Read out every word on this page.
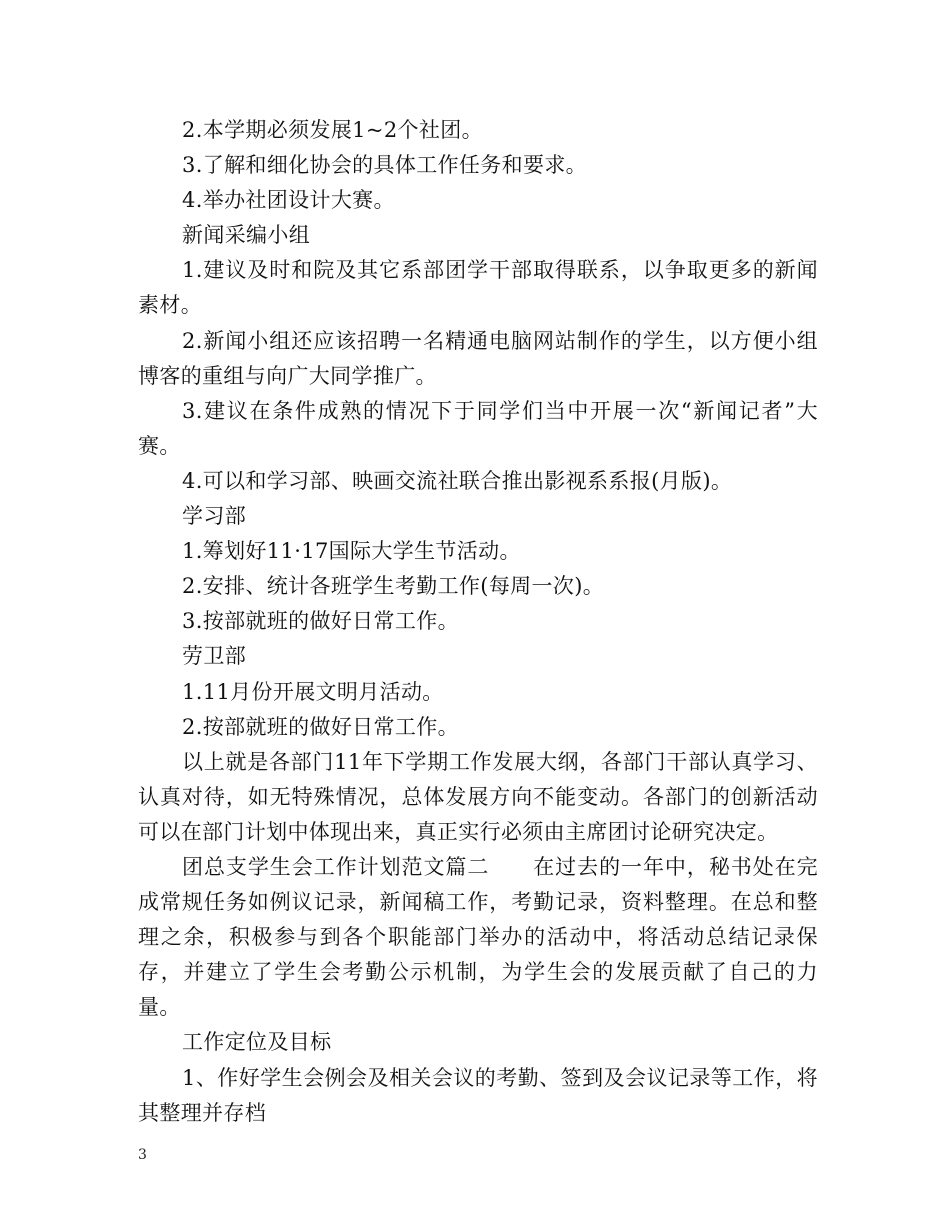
2.本学期必须发展1~2个社团。

3.了解和细化协会的具体工作任务和要求。

4.举办社团设计大赛。

新闻采编小组

1.建议及时和院及其它系部团学干部取得联系，以争取更多的新闻素材。

2.新闻小组还应该招聘一名精通电脑网站制作的学生，以方便小组博客的重组与向广大同学推广。

3.建议在条件成熟的情况下于同学们当中开展一次“新闻记者”大赛。

4.可以和学习部、映画交流社联合推出影视系系报(月版)。

学习部

1.筹划好11·17国际大学生节活动。

2.安排、统计各班学生考勤工作(每周一次)。

3.按部就班的做好日常工作。

劳卫部

1.11月份开展文明月活动。

2.按部就班的做好日常工作。

以上就是各部门11年下学期工作发展大纲，各部门干部认真学习、认真对待，如无特殊情况，总体发展方向不能变动。各部门的创新活动可以在部门计划中体现出来，真正实行必须由主席团讨论研究决定。

团总支学生会工作计划范文篇二　　在过去的一年中，秘书处在完成常规任务如例议记录，新闻稿工作，考勤记录，资料整理。在总和整理之余，积极参与到各个职能部门举办的活动中，将活动总结记录保存，并建立了学生会考勤公示机制，为学生会的发展贡献了自己的力量。

工作定位及目标

1、作好学生会例会及相关会议的考勤、签到及会议记录等工作，将其整理并存档

3
